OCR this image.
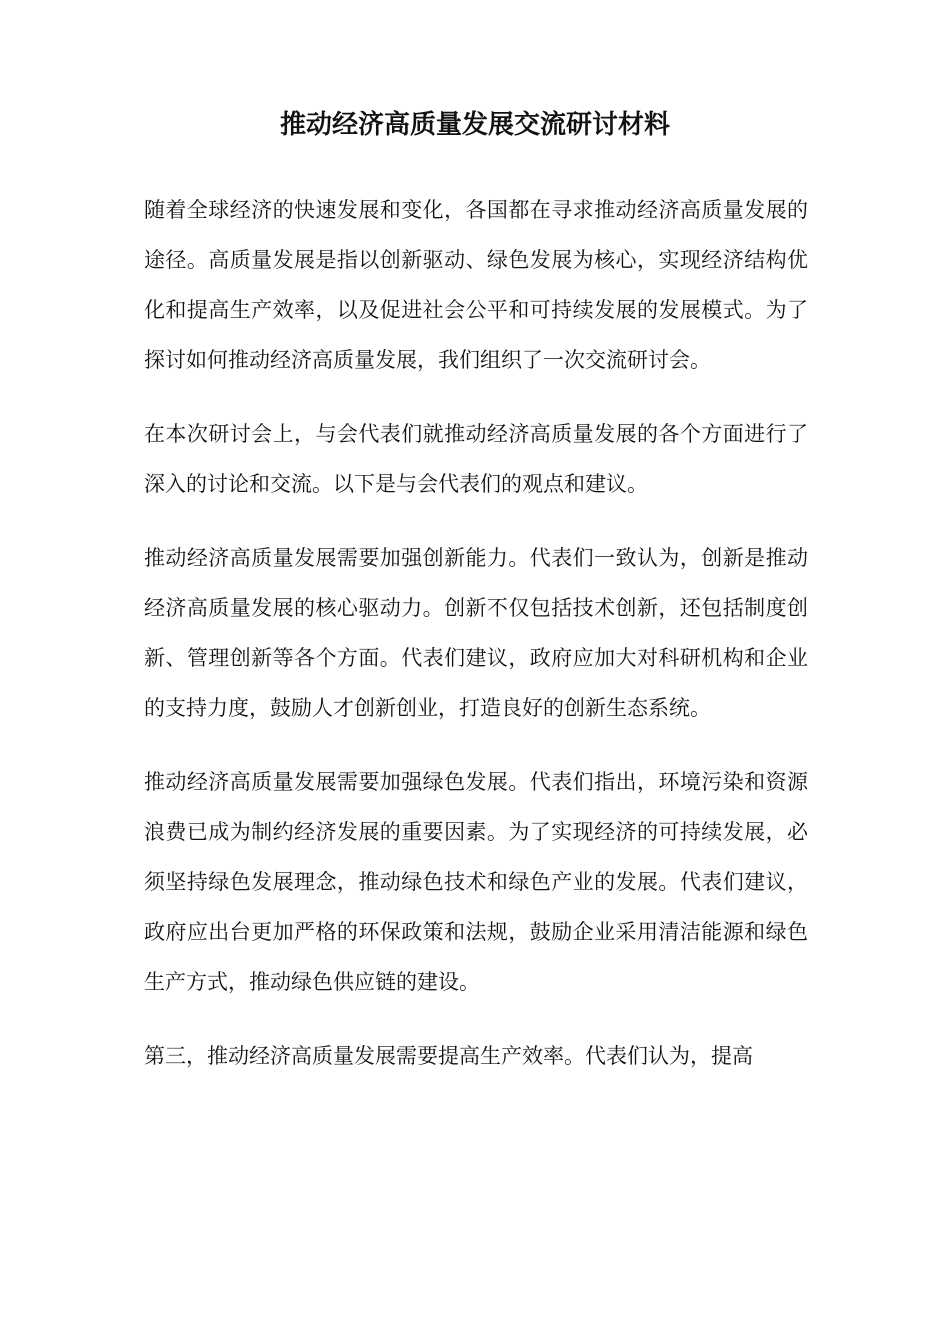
推动经济高质量发展交流研讨材料

随着全球经济的快速发展和变化，各国都在寻求推动经济高质量发展的途径。高质量发展是指以创新驱动、绿色发展为核心，实现经济结构优化和提高生产效率，以及促进社会公平和可持续发展的发展模式。为了探讨如何推动经济高质量发展，我们组织了一次交流研讨会。

在本次研讨会上，与会代表们就推动经济高质量发展的各个方面进行了深入的讨论和交流。以下是与会代表们的观点和建议。

推动经济高质量发展需要加强创新能力。代表们一致认为，创新是推动经济高质量发展的核心驱动力。创新不仅包括技术创新，还包括制度创新、管理创新等各个方面。代表们建议，政府应加大对科研机构和企业的支持力度，鼓励人才创新创业，打造良好的创新生态系统。

推动经济高质量发展需要加强绿色发展。代表们指出，环境污染和资源浪费已成为制约经济发展的重要因素。为了实现经济的可持续发展，必须坚持绿色发展理念，推动绿色技术和绿色产业的发展。代表们建议，政府应出台更加严格的环保政策和法规，鼓励企业采用清洁能源和绿色生产方式，推动绿色供应链的建设。

第三，推动经济高质量发展需要提高生产效率。代表们认为，提高
